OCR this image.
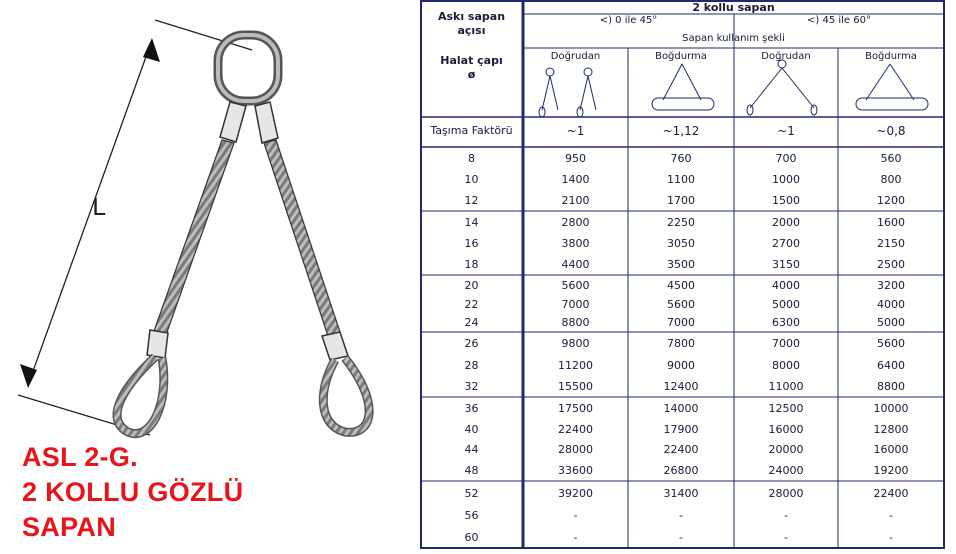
L
ASL 2-G.
2 KOLLU GÖZLÜ
SAPAN
Askı sapan
açısı
Halat çapı
ø
2 kollu sapan
<) 0 ile 45°	<) 45 ile 60°
Sapan kullanım şekli
Doğrudan	Boğdurma	Doğrudan	Boğdurma
Taşıma Faktörü	~1	~1,12	~1	~0,8
8	950	760	700	560
10	1400	1100	1000	800
12	2100	1700	1500	1200
14	2800	2250	2000	1600
16	3800	3050	2700	2150
18	4400	3500	3150	2500
20	5600	4500	4000	3200
22	7000	5600	5000	4000
24	8800	7000	6300	5000
26	9800	7800	7000	5600
28	11200	9000	8000	6400
32	15500	12400	11000	8800
36	17500	14000	12500	10000
40	22400	17900	16000	12800
44	28000	22400	20000	16000
48	33600	26800	24000	19200
52	39200	31400	28000	22400
56	-	-	-	-
60	-	-	-	-
